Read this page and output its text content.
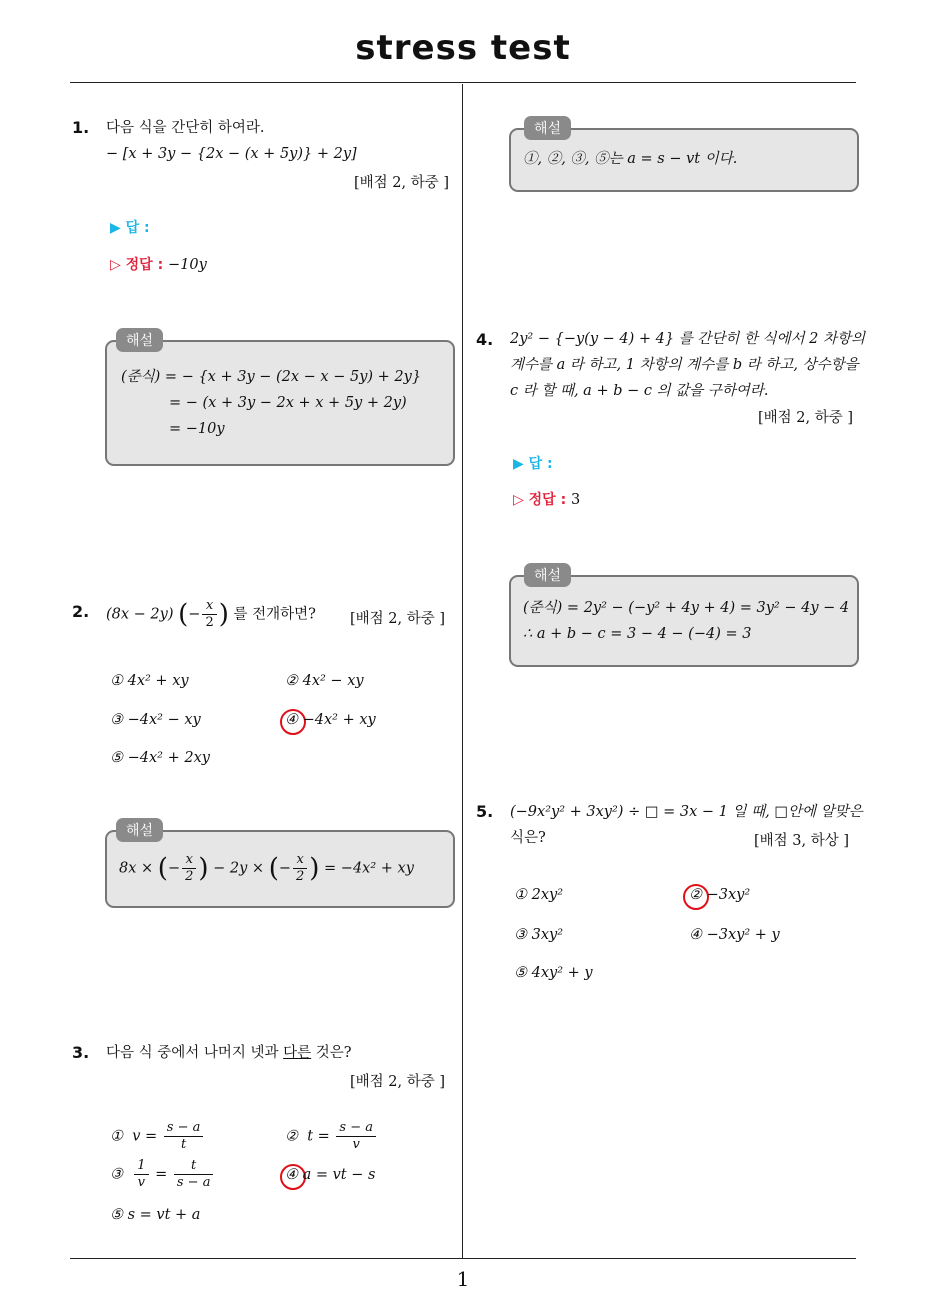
stress test
1
1. 다음 식을 간단히 하여라.
− [x + 3y − {2x − (x + 5y)} + 2y]
[배점 2, 하중 ]
▶ 답 :
▷ 정답 : −10y
해설
(준식) = − {x + 3y − (2x − x − 5y) + 2y}
= − (x + 3y − 2x + x + 5y + 2y)
= −10y
2. (8x − 2y) (− $\frac{x}{2}$ ) 를 전개하면? [배점 2, 하중 ]
① 4x² + xy	② 4x² − xy
③ −4x² − xy	④ −4x² + xy
⑤ −4x² + 2xy
해설
8x × (− $\frac{x}{2}$ ) − 2y × (− $\frac{x}{2}$ ) = −4x² + xy
3. 다음 식 중에서 나머지 넷과 다른 것은?
[배점 2, 하중 ]
① $v = \frac{s - a}{t}$	② $t = \frac{s - a}{v}$
③ $\frac{1}{v} = \frac{t}{s - a}$	④ a = vt − s
⑤ s = vt + a
해설
①, ②, ③, ⑤는 a = s − vt 이다.
4. 2y² − {−y(y − 4) + 4} 를 간단히 한 식에서 2 차항의
계수를 a 라 하고, 1 차항의 계수를 b 라 하고, 상수항을
c 라 할 때, a + b − c 의 값을 구하여라.
[배점 2, 하중 ]
▶ 답 :
▷ 정답 : 3
해설
(준식) = 2y² − (−y² + 4y + 4) = 3y² − 4y − 4
∴ a + b − c = 3 − 4 − (−4) = 3
5. (−9x²y² + 3xy²) ÷ □ = 3x − 1 일 때, □안에 알맞은
식은?	[배점 3, 하상 ]
① 2xy²	② −3xy²
③ 3xy²	④ −3xy² + y
⑤ 4xy² + y
